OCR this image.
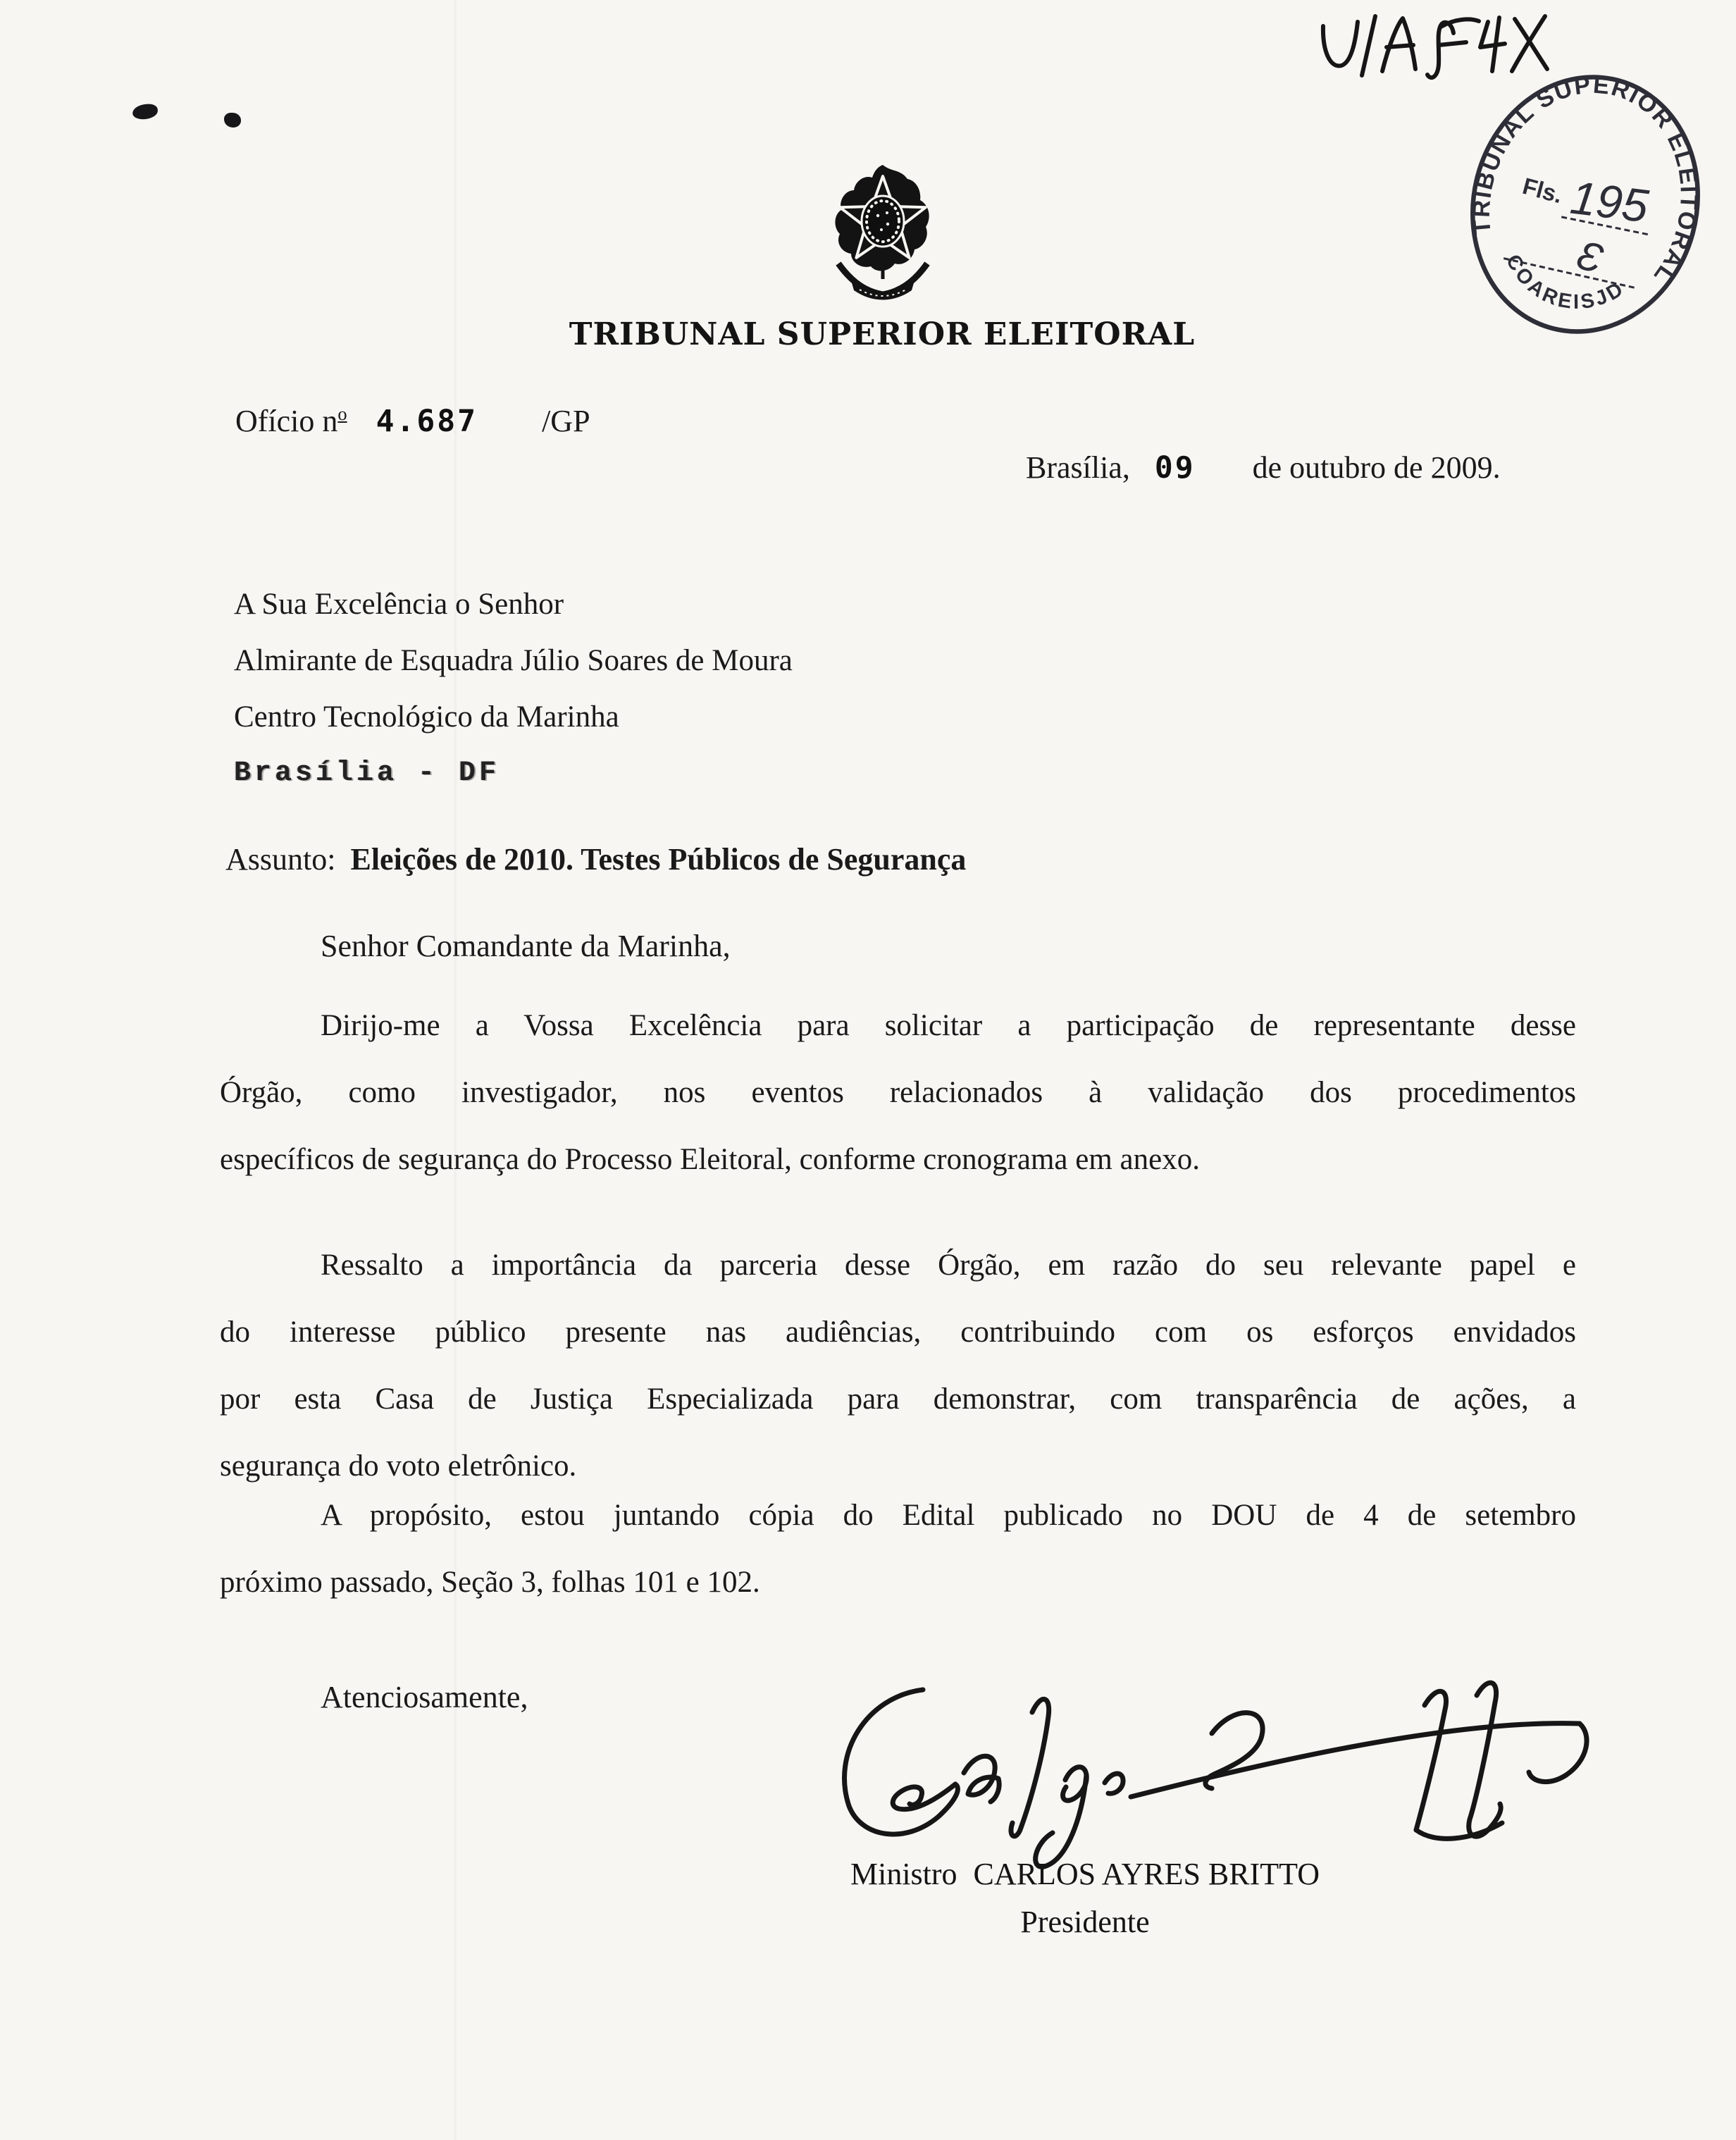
TRIBUNAL SUPERIOR ELEITORAL
COAREISJD
Fls. 195
Ɛ
TRIBUNAL SUPERIOR ELEITORAL
Ofício no 4.687 /GP
Brasília, 09 de outubro de 2009.
A Sua Excelência o Senhor
Almirante de Esquadra Júlio Soares de Moura
Centro Tecnológico da Marinha
Brasília - DF
Assunto: Eleições de 2010. Testes Públicos de Segurança
Senhor Comandante da Marinha,
Dirijo-me a Vossa Excelência para solicitar a participação de representante desse
Órgão, como investigador, nos eventos relacionados à validação dos procedimentos
específicos de segurança do Processo Eleitoral, conforme cronograma em anexo.
Ressalto a importância da parceria desse Órgão, em razão do seu relevante papel e
do interesse público presente nas audiências, contribuindo com os esforços envidados
por esta Casa de Justiça Especializada para demonstrar, com transparência de ações, a
segurança do voto eletrônico.
A propósito, estou juntando cópia do Edital publicado no DOU de 4 de setembro
próximo passado, Seção 3, folhas 101 e 102.
Atenciosamente,
Ministro CARLOS AYRES BRITTO
Presidente
